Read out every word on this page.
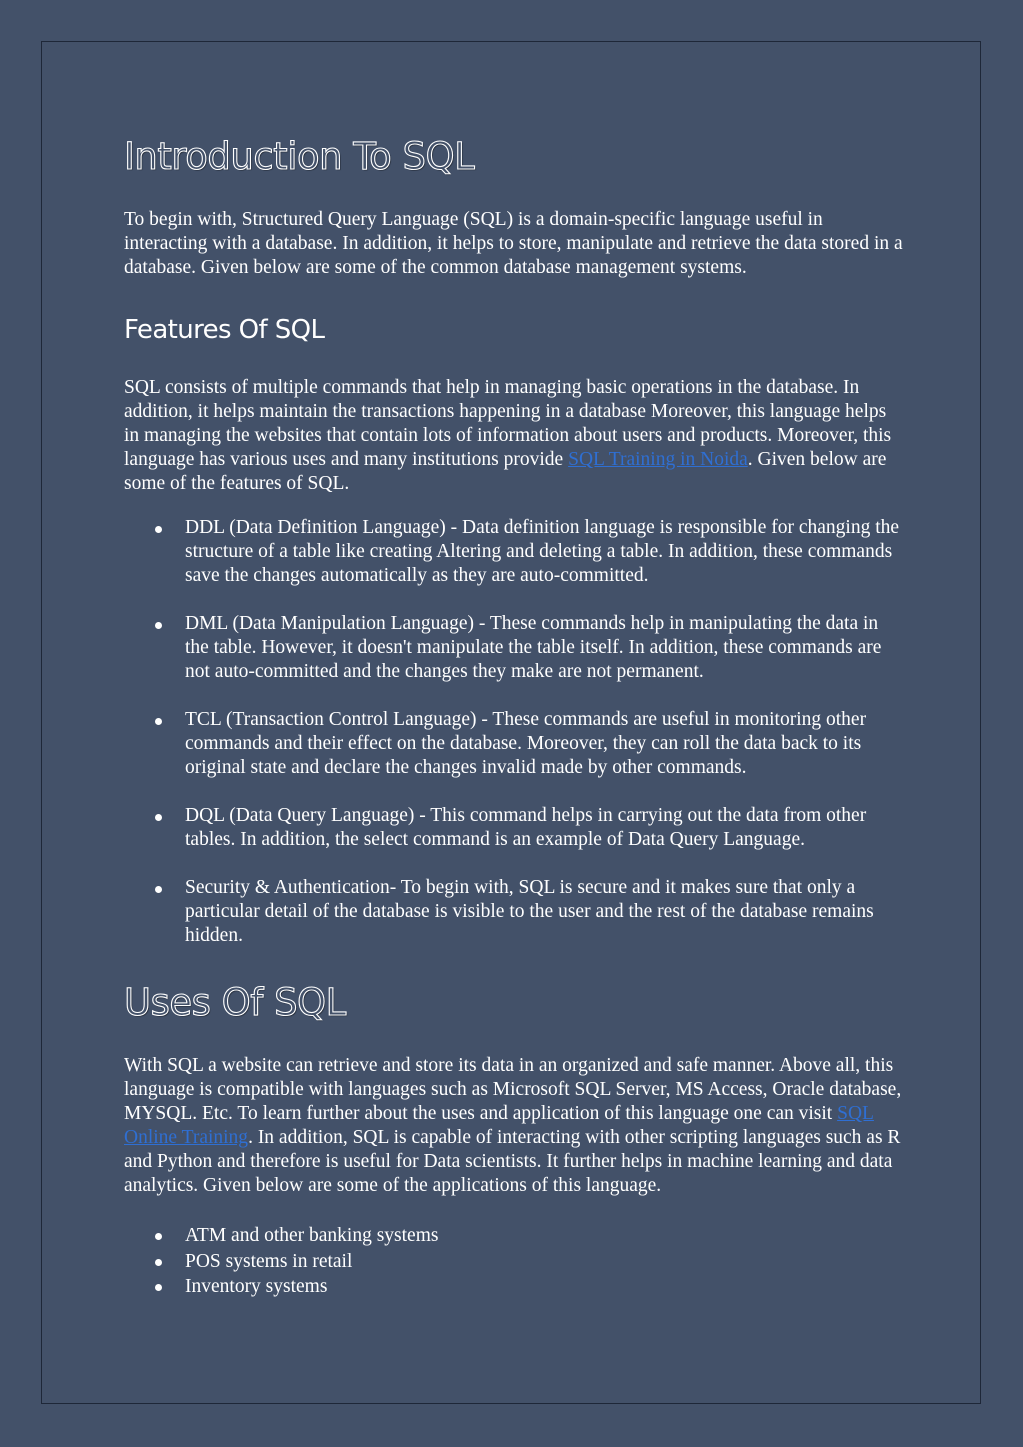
Introduction To SQL

To begin with, Structured Query Language (SQL) is a domain-specific language useful in interacting with a database. In addition, it helps to store, manipulate and retrieve the data stored in a database. Given below are some of the common database management systems.

Features Of SQL

SQL consists of multiple commands that help in managing basic operations in the database. In addition, it helps maintain the transactions happening in a database Moreover, this language helps in managing the websites that contain lots of information about users and products. Moreover, this language has various uses and many institutions provide SQL Training in Noida. Given below are some of the features of SQL.

DDL (Data Definition Language) - Data definition language is responsible for changing the structure of a table like creating Altering and deleting a table. In addition, these commands save the changes automatically as they are auto-committed.
DML (Data Manipulation Language) - These commands help in manipulating the data in the table. However, it doesn't manipulate the table itself. In addition, these commands are not auto-committed and the changes they make are not permanent.
TCL (Transaction Control Language) - These commands are useful in monitoring other commands and their effect on the database. Moreover, they can roll the data back to its original state and declare the changes invalid made by other commands.
DQL (Data Query Language) - This command helps in carrying out the data from other tables. In addition, the select command is an example of Data Query Language.
Security & Authentication- To begin with, SQL is secure and it makes sure that only a particular detail of the database is visible to the user and the rest of the database remains hidden.
Uses Of SQL

With SQL a website can retrieve and store its data in an organized and safe manner. Above all, this language is compatible with languages such as Microsoft SQL Server, MS Access, Oracle database, MYSQL. Etc. To learn further about the uses and application of this language one can visit SQL Online Training. In addition, SQL is capable of interacting with other scripting languages such as R and Python and therefore is useful for Data scientists. It further helps in machine learning and data analytics. Given below are some of the applications of this language.

ATM and other banking systems
POS systems in retail
Inventory systems
